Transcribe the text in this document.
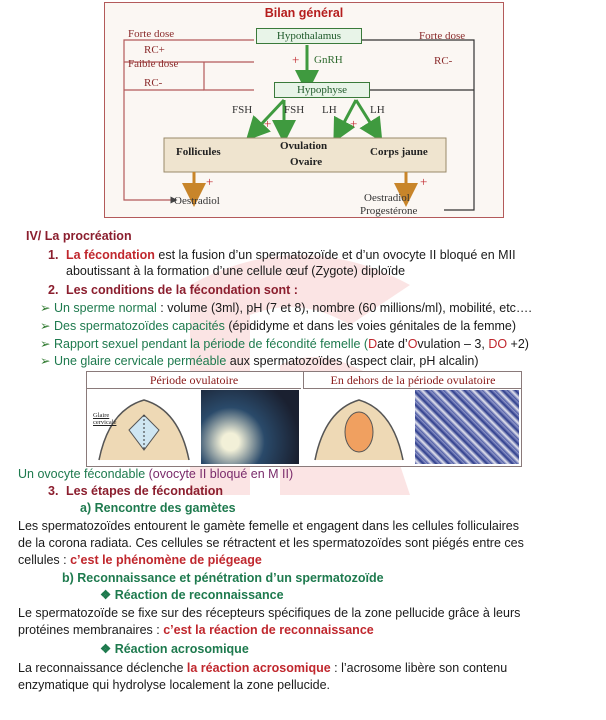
Bilan général
Hypothalamus
Forte dose
RC+
Faible dose
RC-
Forte dose
RC-
+ GnRH
Hypophyse
FSH	FSH LH	LH
+	+
Follicules	Ovulation
Ovaire
Corps jaune
+	+
Oestradiol	Oestradiol
Progestérone
IV/ La procréation
1. La fécondation est la fusion d’un spermatozoïde et d’un ovocyte II bloqué en MII
aboutissant à la formation d’une cellule œuf (Zygote) diploïde
2. Les conditions de la fécondation sont :
➢ Un sperme normal : volume (3ml), pH (7 et 8), nombre (60 millions/ml), mobilité, etc….
➢ Des spermatozoïdes capacités (épididyme et dans les voies génitales de la femme)
➢ Rapport sexuel pendant la période de fécondité femelle (Date d’Ovulation – 3, DO +2)
➢ Une glaire cervicale perméable aux spermatozoïdes (aspect clair, pH alcalin)
Période ovulatoire	En dehors de la période ovulatoire
Glaire cervicale
Un ovocyte fécondable (ovocyte II bloqué en M II)
3. Les étapes de fécondation
a) Rencontre des gamètes
Les spermatozoïdes entourent le gamète femelle et engagent dans les cellules folliculaires
de la corona radiata. Ces cellules se rétractent et les spermatozoïdes sont piégés entre ces
cellules : c’est le phénomène de piégeage
b) Reconnaissance et pénétration d’un spermatozoïde
❖ Réaction de reconnaissance
Le spermatozoïde se fixe sur des récepteurs spécifiques de la zone pellucide grâce à leurs
protéines membranaires : c’est la réaction de reconnaissance
❖ Réaction acrosomique
La reconnaissance déclenche la réaction acrosomique : l’acrosome libère son contenu
enzymatique qui hydrolyse localement la zone pellucide.
